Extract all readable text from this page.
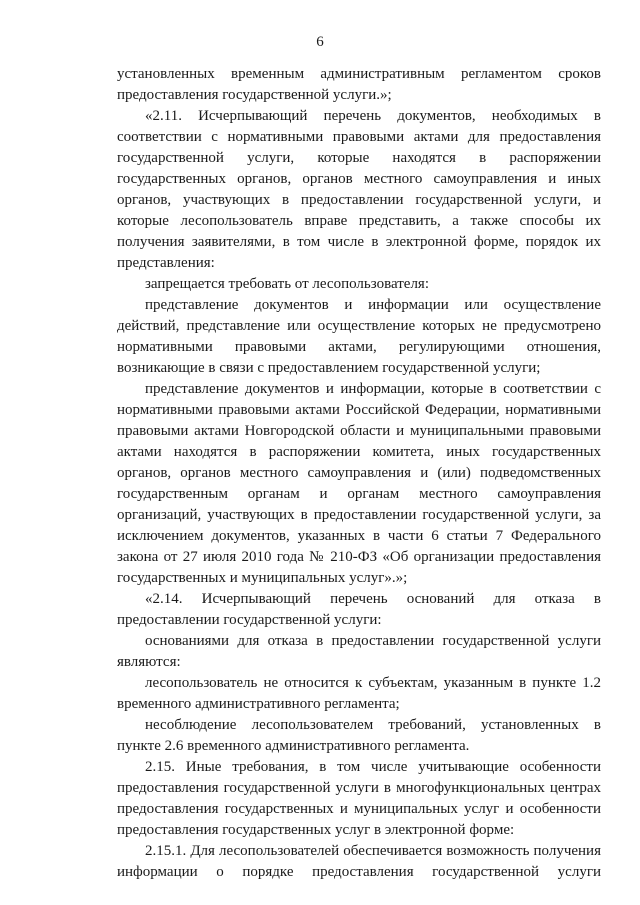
6

установленных временным административным регламентом сроков предоставления государственной услуги.»;

«2.11. Исчерпывающий перечень документов, необходимых в соответствии с нормативными правовыми актами для предоставления государственной услуги, которые находятся в распоряжении государственных органов, органов местного самоуправления и иных органов, участвующих в предоставлении государственной услуги, и которые лесопользователь вправе представить, а также способы их получения заявителями, в том числе в электронной форме, порядок их представления:

запрещается требовать от лесопользователя:

представление документов и информации или осуществление действий, представление или осуществление которых не предусмотрено нормативными правовыми актами, регулирующими отношения, возникающие в связи с предоставлением государственной услуги;

представление документов и информации, которые в соответствии с нормативными правовыми актами Российской Федерации, нормативными правовыми актами Новгородской области и муниципальными правовыми актами находятся в распоряжении комитета, иных государственных органов, органов местного самоуправления и (или) подведомственных государственным органам и органам местного самоуправления организаций, участвующих в предоставлении государственной услуги, за исключением документов, указанных в части 6 статьи 7 Федерального закона от 27 июля 2010 года № 210-ФЗ «Об организации предоставления государственных и муниципальных услуг».»;

«2.14. Исчерпывающий перечень оснований для отказа в предоставлении государственной услуги:

основаниями для отказа в предоставлении государственной услуги являются:

лесопользователь не относится к субъектам, указанным в пункте 1.2 временного административного регламента;

несоблюдение лесопользователем требований, установленных в пункте 2.6 временного административного регламента.

2.15. Иные требования, в том числе учитывающие особенности предоставления государственной услуги в многофункциональных центрах предоставления государственных и муниципальных услуг и особенности предоставления государственных услуг в электронной форме:

2.15.1. Для лесопользователей обеспечивается возможность получения информации о порядке предоставления государственной услуги
